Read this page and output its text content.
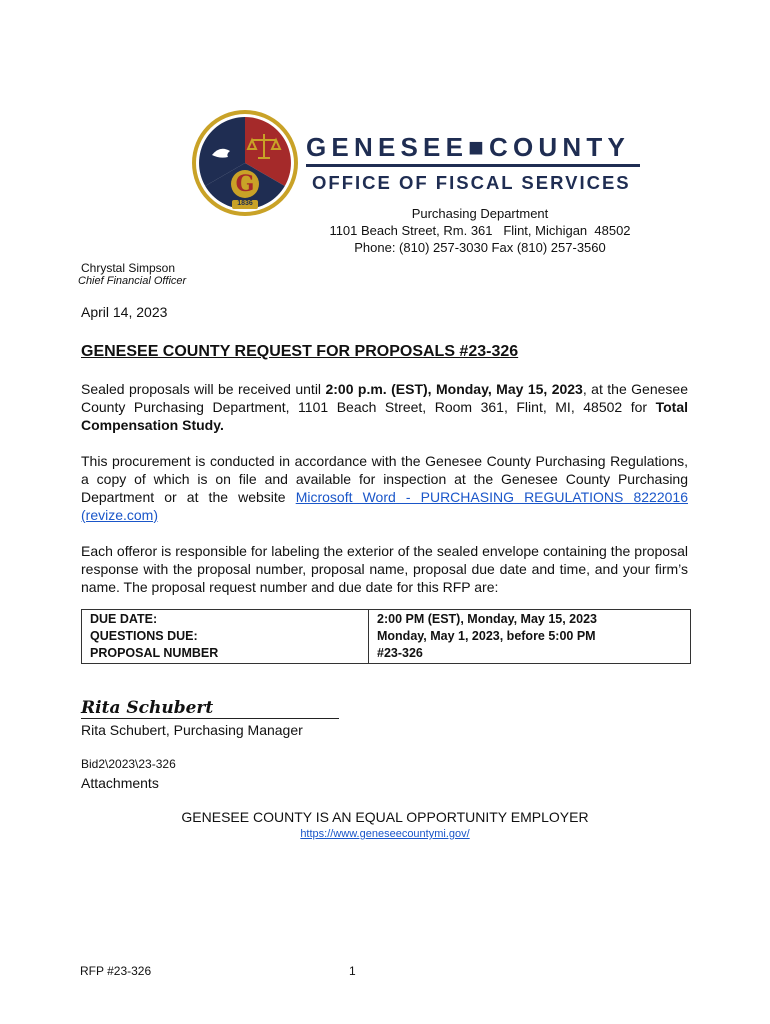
G
1836
GENESEE■COUNTY
OFFICE OF FISCAL SERVICES
Purchasing Department
1101 Beach Street, Rm. 361   Flint, Michigan  48502
Phone: (810) 257-3030 Fax (810) 257-3560
Chrystal Simpson
Chief Financial Officer
April 14, 2023
GENESEE COUNTY REQUEST FOR PROPOSALS #23-326
Sealed proposals will be received until 2:00 p.m. (EST), Monday, May 15, 2023, at the Genesee County Purchasing Department, 1101 Beach Street, Room 361, Flint, MI, 48502 for Total Compensation Study.
This procurement is conducted in accordance with the Genesee County Purchasing Regulations, a copy of which is on file and available for inspection at the Genesee County Purchasing Department or at the website Microsoft Word - PURCHASING REGULATIONS 8222016 (revize.com)
Each offeror is responsible for labeling the exterior of the sealed envelope containing the proposal response with the proposal number, proposal name, proposal due date and time, and your firm’s name. The proposal request number and due date for this RFP are:
DUE DATE:	2:00 PM (EST), Monday, May 15, 2023
QUESTIONS DUE:	Monday, May 1, 2023, before 5:00 PM
PROPOSAL NUMBER	#23-326
Rita Schubert
Rita Schubert, Purchasing Manager
Bid2\2023\23-326
Attachments
GENESEE COUNTY IS AN EQUAL OPPORTUNITY EMPLOYER
https://www.geneseecountymi.gov/
RFP #23-326	1
